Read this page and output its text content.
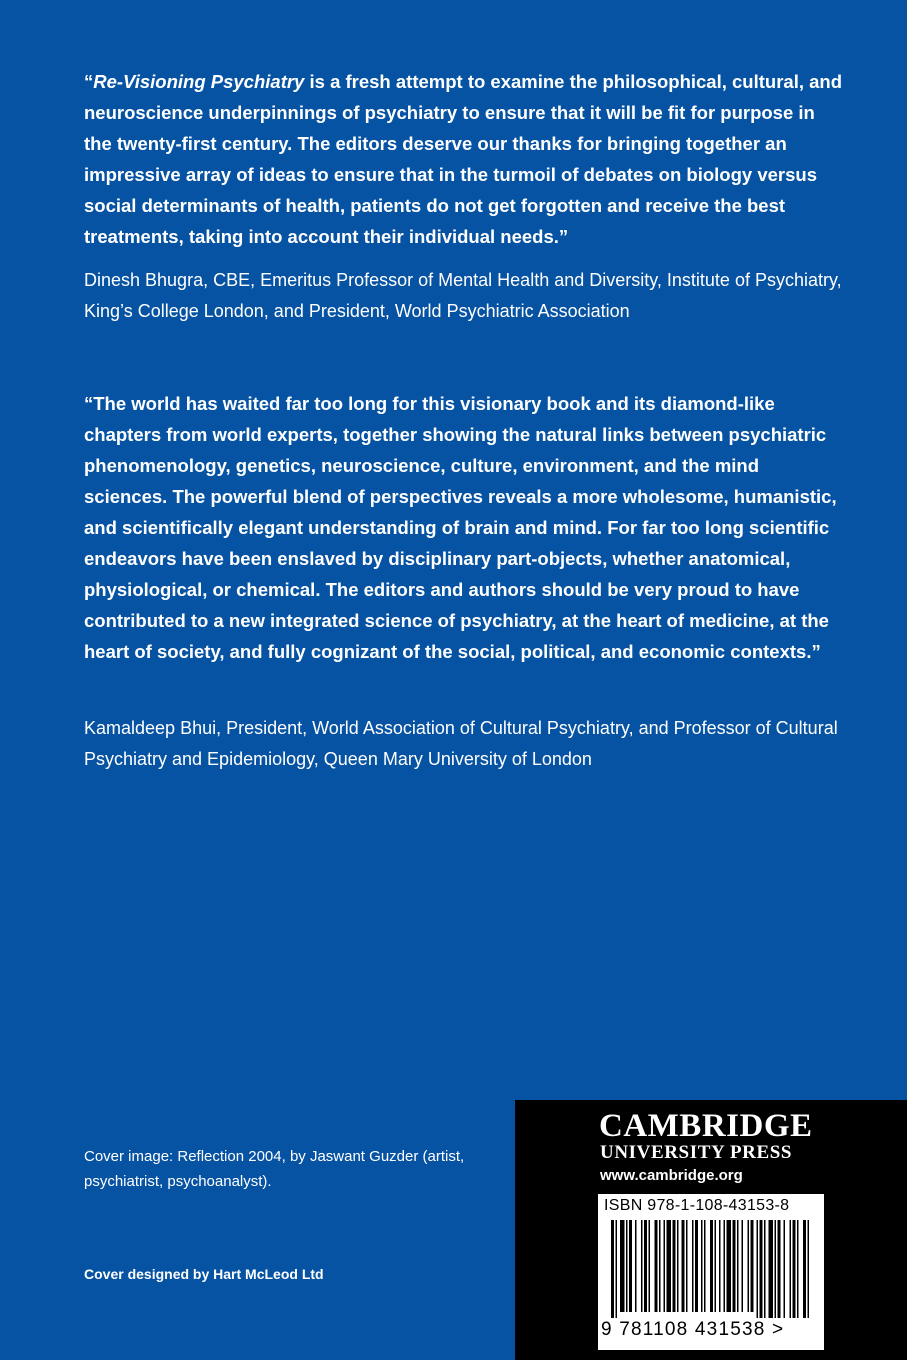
“Re-Visioning Psychiatry is a fresh attempt to examine the philosophical, cultural, and neuroscience underpinnings of psychiatry to ensure that it will be fit for purpose in the twenty-first century. The editors deserve our thanks for bringing together an impressive array of ideas to ensure that in the turmoil of debates on biology versus social determinants of health, patients do not get forgotten and receive the best treatments, taking into account their individual needs.”

Dinesh Bhugra, CBE, Emeritus Professor of Mental Health and Diversity, Institute of Psychiatry, King’s College London, and President, World Psychiatric Association

“The world has waited far too long for this visionary book and its diamond-like chapters from world experts, together showing the natural links between psychiatric phenomenology, genetics, neuroscience, culture, environment, and the mind sciences. The powerful blend of perspectives reveals a more wholesome, humanistic, and scientifically elegant understanding of brain and mind. For far too long scientific endeavors have been enslaved by disciplinary part-objects, whether anatomical, physiological, or chemical. The editors and authors should be very proud to have contributed to a new integrated science of psychiatry, at the heart of medicine, at the heart of society, and fully cognizant of the social, political, and economic contexts.”

Kamaldeep Bhui, President, World Association of Cultural Psychiatry, and Professor of Cultural Psychiatry and Epidemiology, Queen Mary University of London

Cover image: Reflection 2004, by Jaswant Guzder (artist, psychiatrist, psychoanalyst).
Cover designed by Hart McLeod Ltd
CAMBRIDGE
UNIVERSITY PRESS
www.cambridge.org
ISBN 978-1-108-43153-8
9 781108 431538 >
